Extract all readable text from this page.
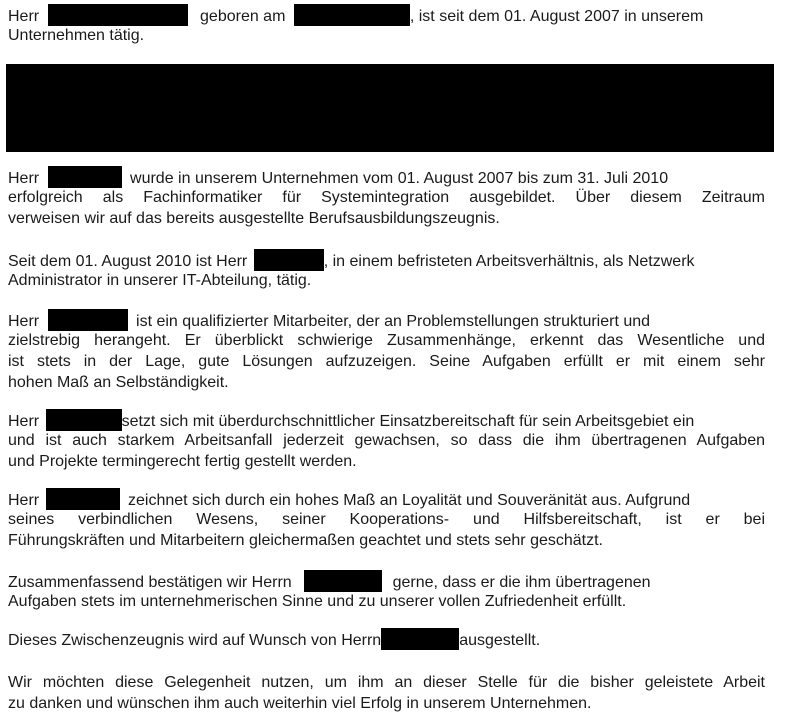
Herr	geboren am	, ist seit dem 01. August 2007 in unserem
Unternehmen tätig.
Herr	wurde in unserem Unternehmen vom 01. August 2007 bis zum 31. Juli 2010
erfolgreich als Fachinformatiker für Systemintegration ausgebildet. Über diesem Zeitraum
verweisen wir auf das bereits ausgestellte Berufsausbildungszeugnis.
Seit dem 01. August 2010 ist Herr	, in einem befristeten Arbeitsverhältnis, als Netzwerk
Administrator in unserer IT-Abteilung, tätig.
Herr	ist ein qualifizierter Mitarbeiter, der an Problemstellungen strukturiert und
zielstrebig herangeht. Er überblickt schwierige Zusammenhänge, erkennt das Wesentliche und
ist stets in der Lage, gute Lösungen aufzuzeigen. Seine Aufgaben erfüllt er mit einem sehr
hohen Maß an Selbständigkeit.
Herr	setzt sich mit überdurchschnittlicher Einsatzbereitschaft für sein Arbeitsgebiet ein
und ist auch starkem Arbeitsanfall jederzeit gewachsen, so dass die ihm übertragenen Aufgaben
und Projekte termingerecht fertig gestellt werden.
Herr	zeichnet sich durch ein hohes Maß an Loyalität und Souveränität aus. Aufgrund
seines verbindlichen Wesens, seiner Kooperations- und Hilfsbereitschaft, ist er bei
Führungskräften und Mitarbeitern gleichermaßen geachtet und stets sehr geschätzt.
Zusammenfassend bestätigen wir Herrn	gerne, dass er die ihm übertragenen
Aufgaben stets im unternehmerischen Sinne und zu unserer vollen Zufriedenheit erfüllt.
Dieses Zwischenzeugnis wird auf Wunsch von Herrn	ausgestellt.
Wir möchten diese Gelegenheit nutzen, um ihm an dieser Stelle für die bisher geleistete Arbeit
zu danken und wünschen ihm auch weiterhin viel Erfolg in unserem Unternehmen.
